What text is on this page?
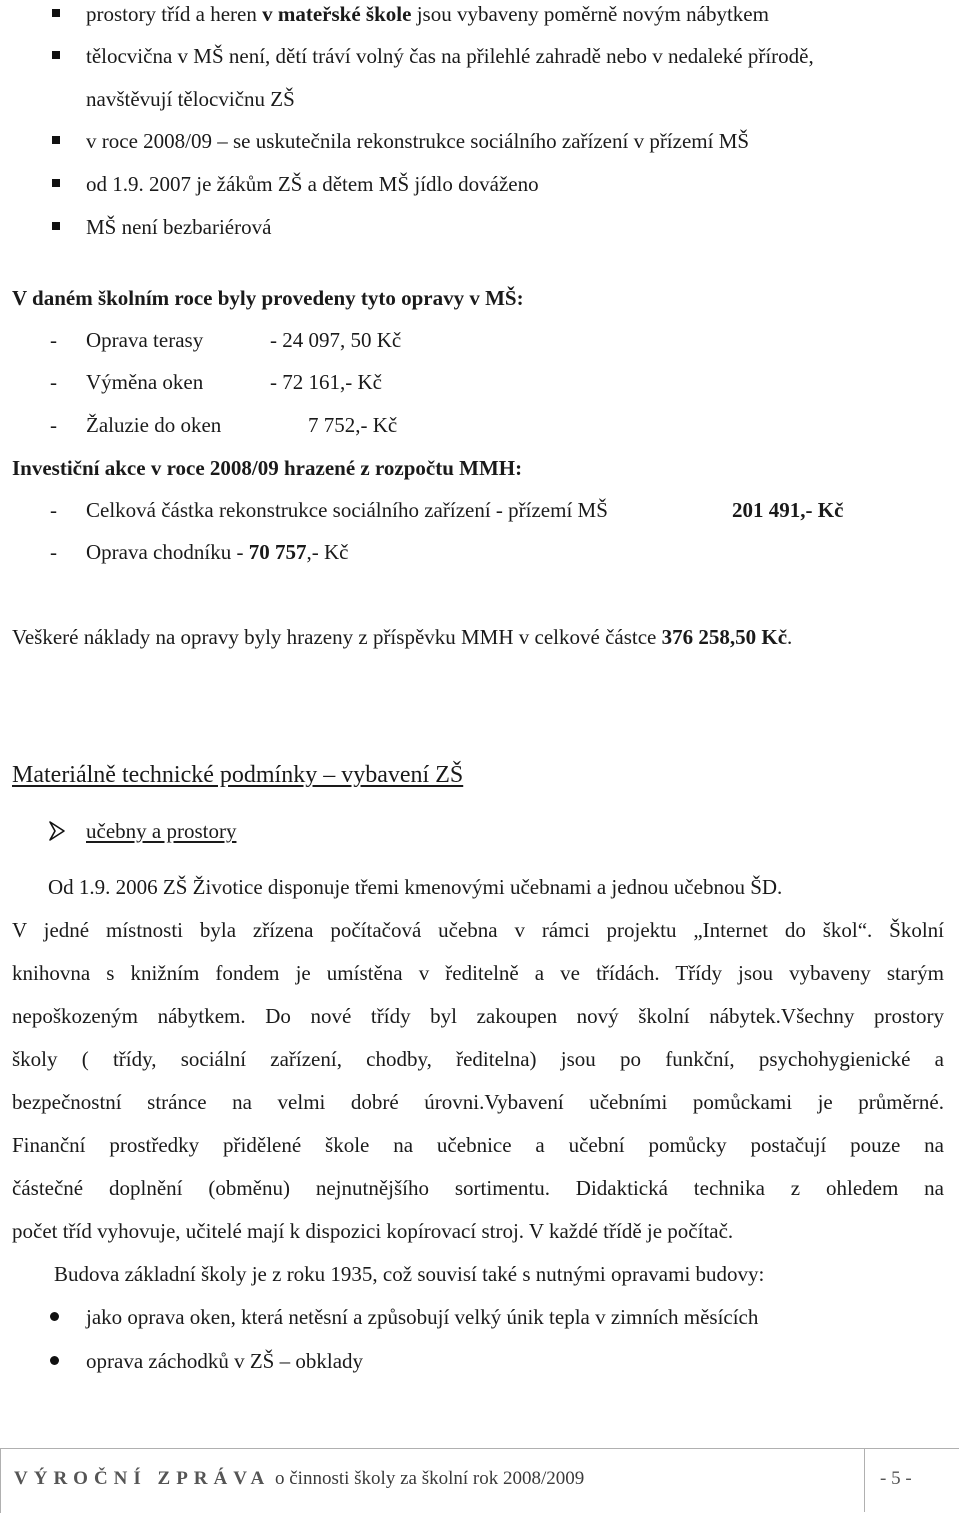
prostory tříd a heren v mateřské škole jsou vybaveny poměrně novým nábytkem
tělocvična v MŠ není, dětí tráví volný čas na přilehlé zahradě nebo v nedaleké přírodě,
navštěvují tělocvičnu ZŠ
v roce 2008/09 – se uskutečnila rekonstrukce sociálního zařízení v přízemí MŠ
od 1.9. 2007 je žákům ZŠ a dětem MŠ jídlo dováženo
MŠ není bezbariérová
V daném školním roce byly provedeny tyto opravy v MŠ:
- Oprava terasy	- 24 097, 50 Kč
- Výměna oken	- 72 161,- Kč
- Žaluzie do oken	7 752,- Kč
Investiční akce v roce 2008/09 hrazené z rozpočtu MMH:
- Celková částka rekonstrukce sociálního zařízení - přízemí MŠ	201 491,- Kč
- Oprava chodníku - 70 757,- Kč
Veškeré náklady na opravy byly hrazeny z příspěvku MMH v celkové částce 376 258,50 Kč.
Materiálně technické podmínky – vybavení ZŠ
učebny a prostory
Od 1.9. 2006 ZŠ Životice disponuje třemi kmenovými učebnami a jednou učebnou ŠD.
V jedné místnosti byla zřízena počítačová učebna v rámci projektu „Internet do škol“. Školní
knihovna s knižním fondem je umístěna v ředitelně a ve třídách. Třídy jsou vybaveny starým
nepoškozeným nábytkem. Do nové třídy byl zakoupen nový školní nábytek.Všechny prostory
školy ( třídy, sociální zařízení, chodby, ředitelna) jsou po funkční, psychohygienické a
bezpečnostní stránce na velmi dobré úrovni.Vybavení učebními pomůckami je průměrné.
Finanční prostředky přidělené škole na učebnice a učební pomůcky postačují pouze na
částečné doplnění (obměnu) nejnutnějšího sortimentu. Didaktická technika z ohledem na
počet tříd vyhovuje, učitelé mají k dispozici kopírovací stroj. V každé třídě je počítač.
Budova základní školy je z roku 1935, což souvisí také s nutnými opravami budovy:
jako oprava oken, která netěsní a způsobují velký únik tepla v zimních měsících
oprava záchodků v ZŠ – obklady
VÝROČNÍ ZPRÁVA o činnosti školy za školní rok 2008/2009	- 5 -
